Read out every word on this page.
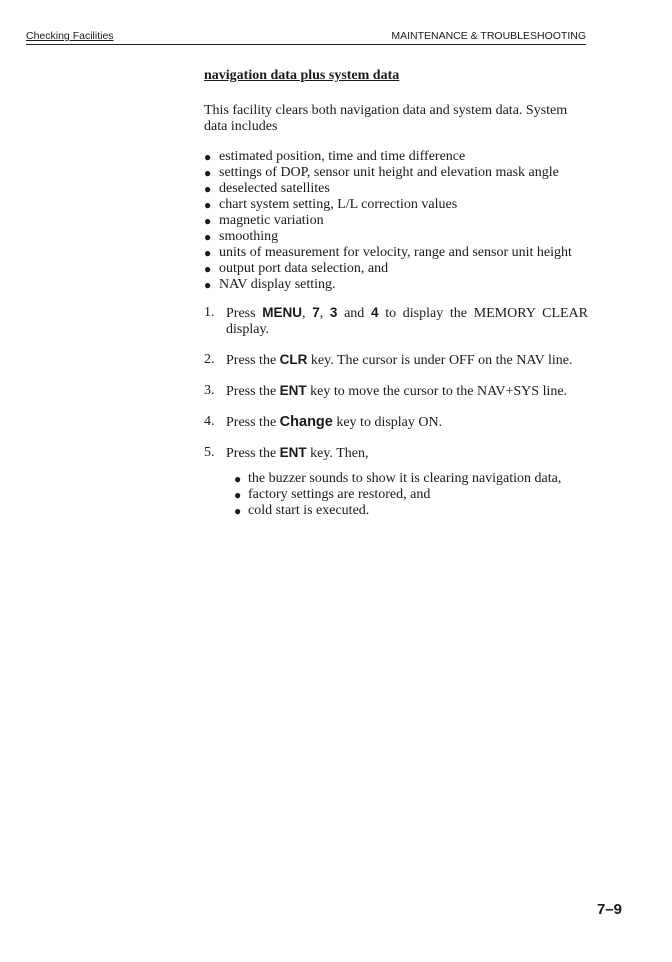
Checking Facilities	MAINTENANCE & TROUBLESHOOTING
navigation data plus system data

This facility clears both navigation data and system data. System data includes

● estimated position, time and time difference
● settings of DOP, sensor unit height and elevation mask angle
● deselected satellites
● chart system setting, L/L correction values
● magnetic variation
● smoothing
● units of measurement for velocity, range and sensor unit height
● output port data selection, and
● NAV display setting.
1. Press MENU, 7, 3 and 4 to display the MEMORY CLEAR display.
2. Press the CLR key. The cursor is under OFF on the NAV line.
3. Press the ENT key to move the cursor to the NAV+SYS line.
4. Press the Change key to display ON.
5. Press the ENT key. Then,
● the buzzer sounds to show it is clearing navigation data,
● factory settings are restored, and
● cold start is executed.
7–9
